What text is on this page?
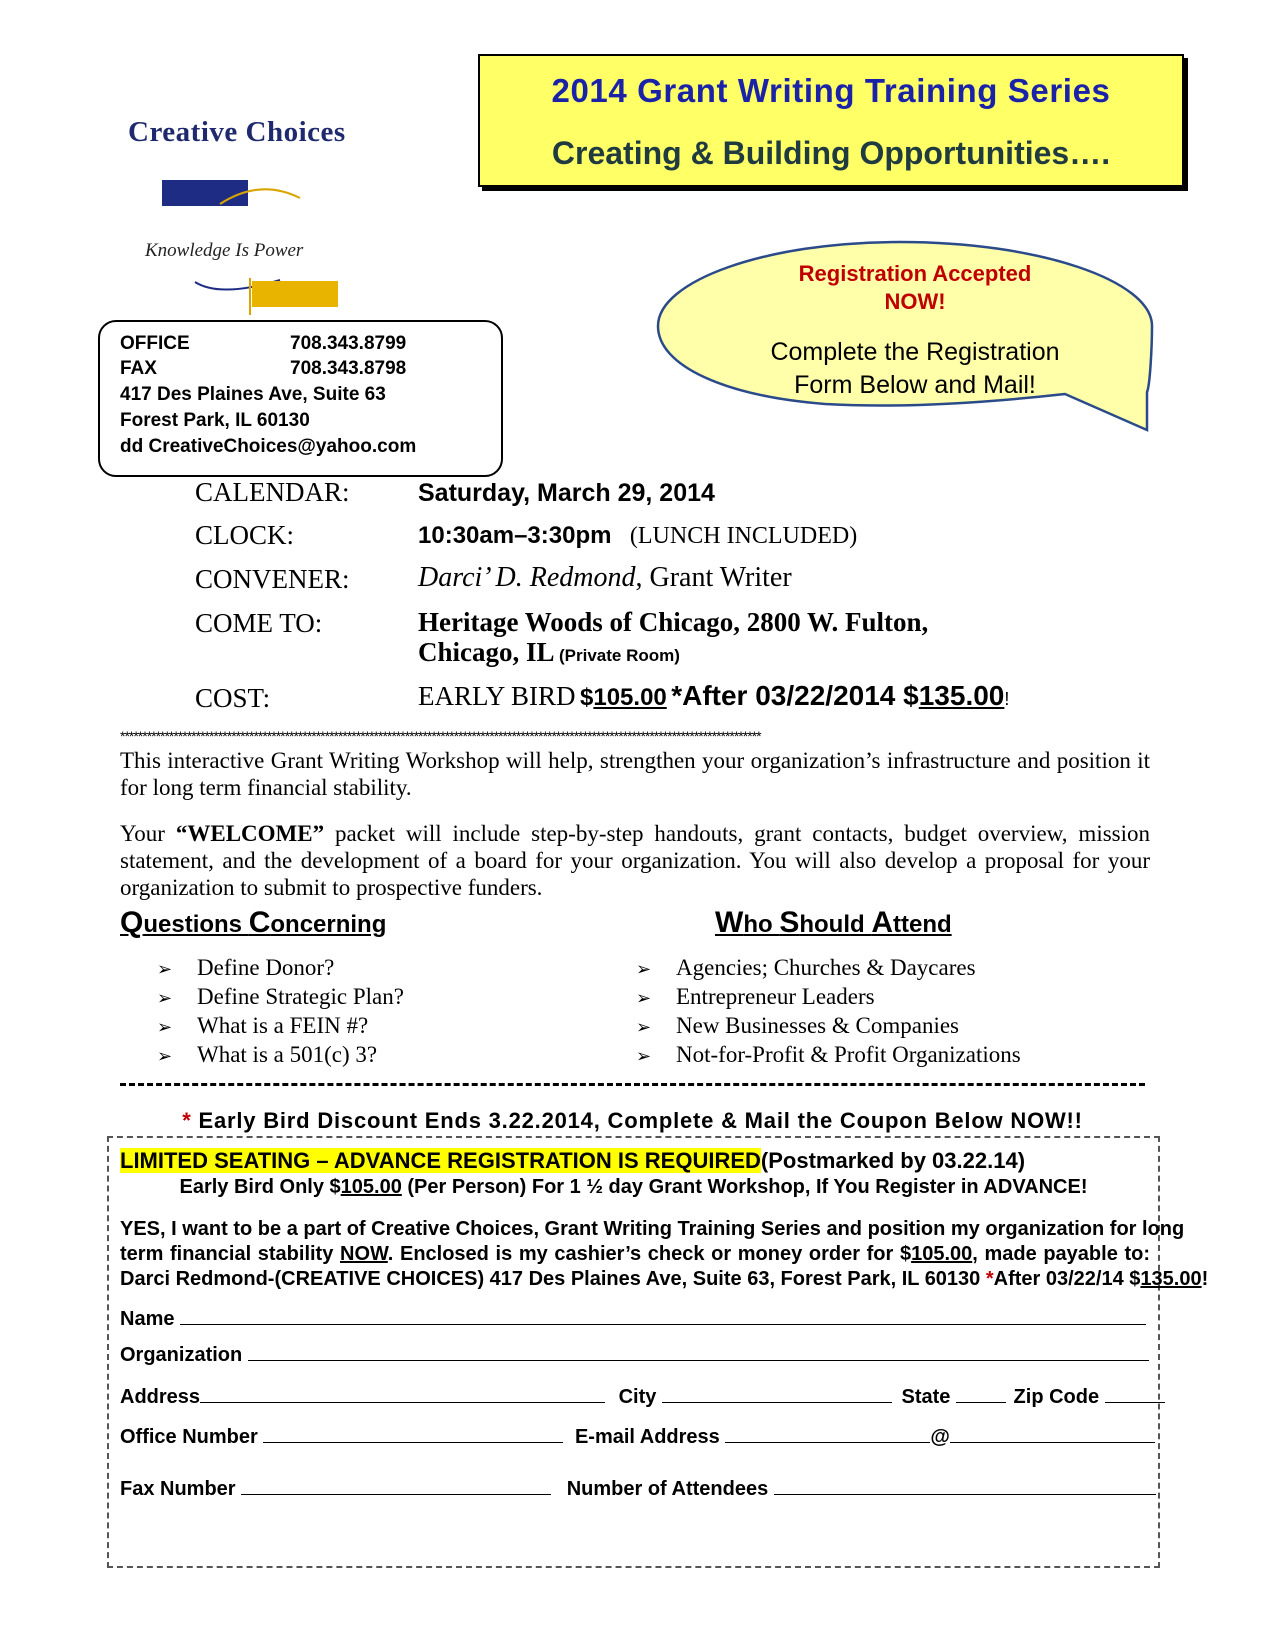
Creative Choices
Knowledge Is Power
2014 Grant Writing Training Series
Creating & Building Opportunities….
Registration Accepted
NOW!
Complete the Registration
Form Below and Mail!
OFFICE	708.343.8799
FAX	708.343.8798
417 Des Plaines Ave, Suite 63
Forest Park, IL 60130
dd CreativeChoices@yahoo.com
CALENDAR:	Saturday, March 29, 2014
CLOCK:	10:30am–3:30pm (LUNCH INCLUDED)
CONVENER: Darci’ D. Redmond, Grant Writer
COME TO:	Heritage Woods of Chicago, 2800 W. Fulton,
Chicago, IL (Private Room)
COST:	EARLY BIRD $105.00 *After 03/22/2014 $135.00!
************************************************************************************************************************************************
This interactive Grant Writing Workshop will help, strengthen your organization’s infrastructure and position it for long term financial stability.
Your “WELCOME” packet will include step-by-step handouts, grant contacts, budget overview, mission statement, and the development of a board for your organization. You will also develop a proposal for your organization to submit to prospective funders.
Questions Concerning
➢ Define Donor?
➢ Define Strategic Plan?
➢ What is a FEIN #?
➢ What is a 501(c) 3?
Who Should Attend
➢ Agencies; Churches & Daycares
➢ Entrepreneur Leaders
➢ New Businesses & Companies
➢ Not-for-Profit & Profit Organizations
* Early Bird Discount Ends 3.22.2014, Complete & Mail the Coupon Below NOW!!
LIMITED SEATING – ADVANCE REGISTRATION IS REQUIRED(Postmarked by 03.22.14)
Early Bird Only $105.00 (Per Person) For 1 ½ day Grant Workshop, If You Register in ADVANCE!
YES, I want to be a part of Creative Choices, Grant Writing Training Series and position my organization for long
term financial stability NOW. Enclosed is my cashier’s check or money order for $105.00, made payable to:
Darci Redmond-(CREATIVE CHOICES) 417 Des Plaines Ave, Suite 63, Forest Park, IL 60130 *After 03/22/14 $135.00!
Name
Organization
Address	City	State	Zip Code
Office Number	E-mail Address	@
Fax Number	Number of Attendees
